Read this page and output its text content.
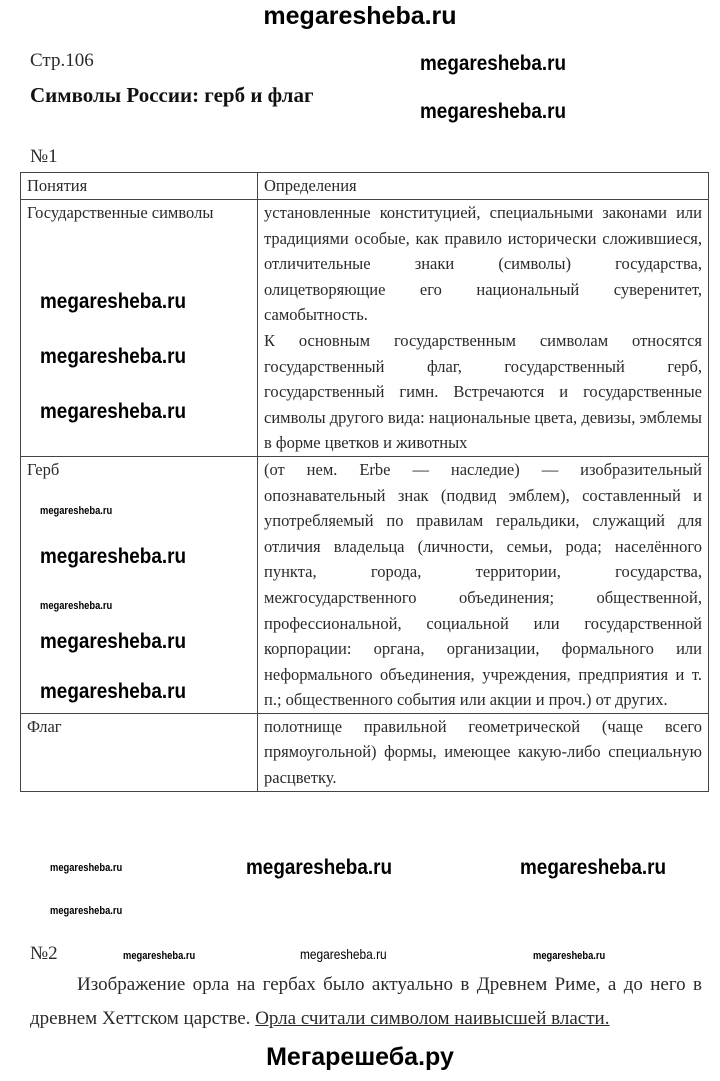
megaresheba.ru
Стр.106
Символы России: герб и флаг
№1
Понятия	Определения
Государственные символы	установленные конституцией, специальными законами или традициями особые, как правило исторически сложившиеся, отличительные знаки (символы) государства, олицетворяющие его национальный суверенитет, самобытность.
К основным государственным символам относятся государственный флаг, государственный герб, государственный гимн. Встречаются и государственные символы другого вида: национальные цвета, девизы, эмблемы в форме цветков и животных

Герб	(от нем. Erbe — наследие) — изобразительный опознавательный знак (подвид эмблем), составленный и употребляемый по правилам геральдики, служащий для отличия владельца (личности, семьи, рода; населённого пункта, города, территории, государства, межгосударственного объединения; общественной, профессиональной, социальной или государственной корпорации: органа, организации, формального или неформального объединения, учреждения, предприятия и т. п.; общественного события или акции и проч.) от других.
Флаг	полотнище правильной геометрической (чаще всего прямоугольной) формы, имеющее какую-либо специальную расцветку.
№2
Изображение орла на гербах было актуально в Древнем Риме, а до него в древнем Хеттском царстве. Орла считали символом наивысшей власти.
megaresheba.ru
megaresheba.ru
megaresheba.ru
megaresheba.ru
megaresheba.ru
megaresheba.ru
megaresheba.ru
megaresheba.ru
megaresheba.ru
megaresheba.ru
megaresheba.ru	megaresheba.ru	megaresheba.ru
megaresheba.ru
megaresheba.ru	megaresheba.ru	megaresheba.ru
Мегарешеба.ру
